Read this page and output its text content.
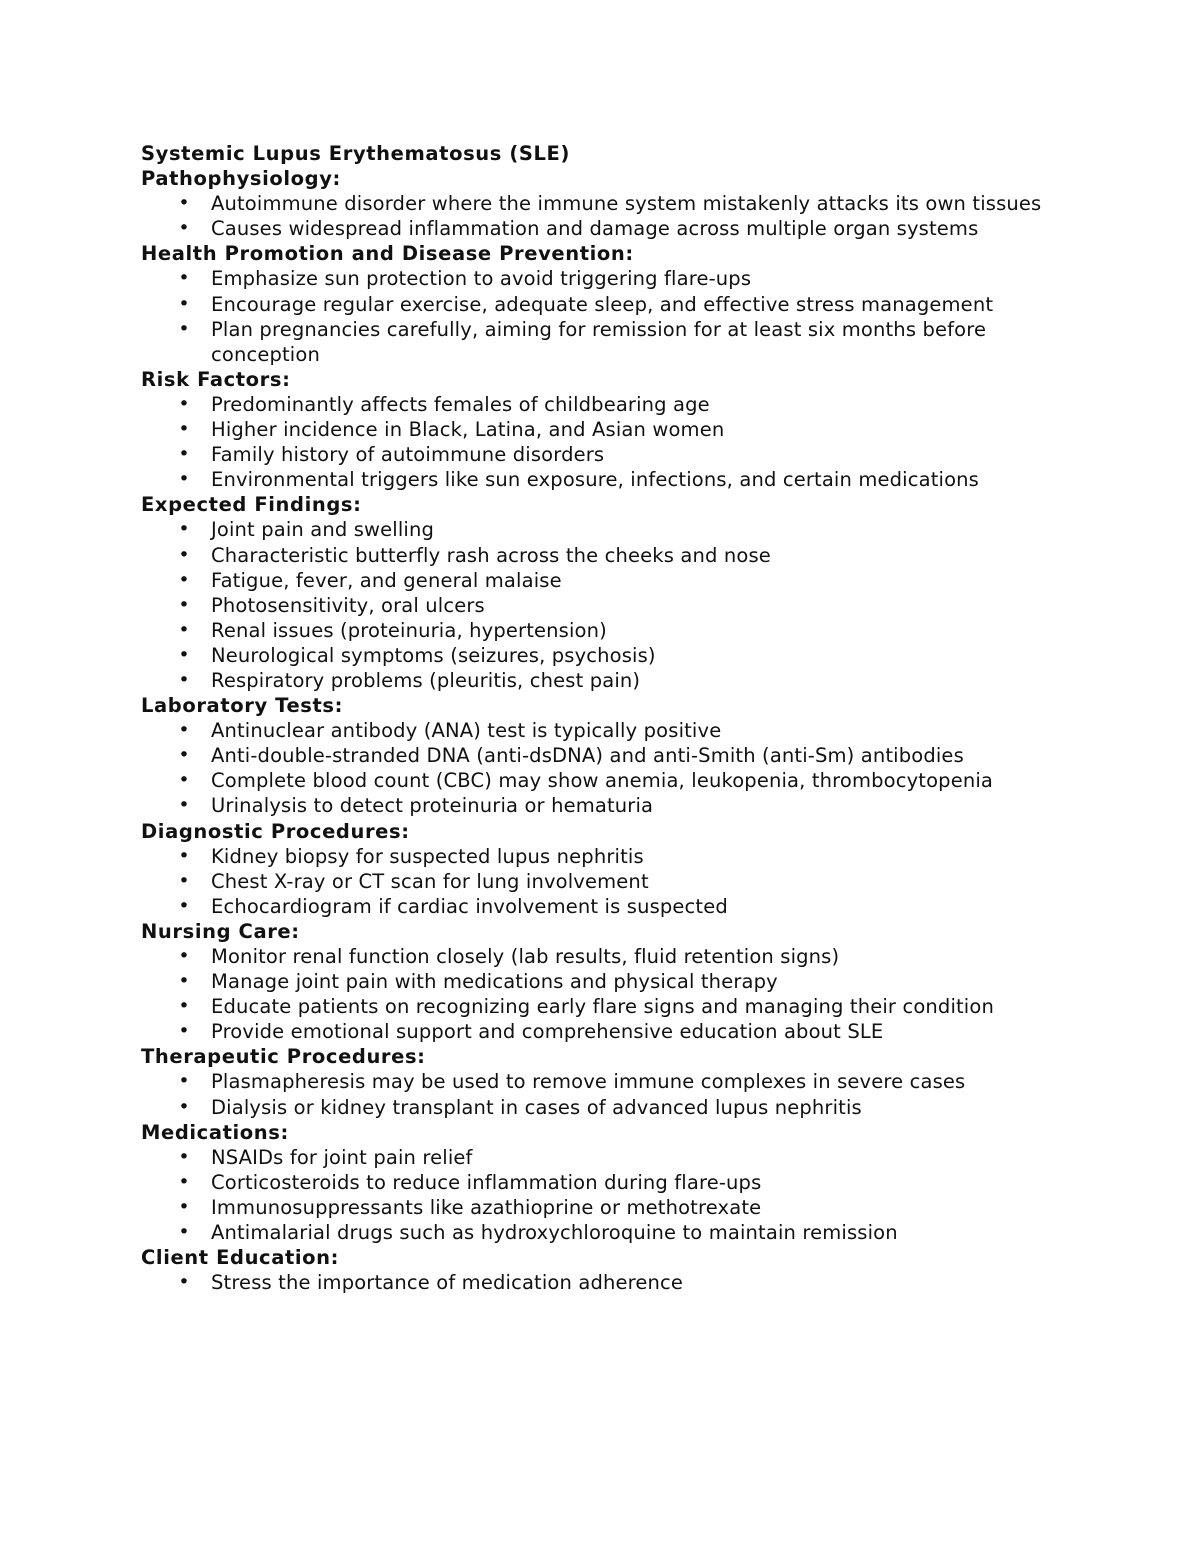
Systemic Lupus Erythematosus (SLE)
Pathophysiology:
• Autoimmune disorder where the immune system mistakenly attacks its own tissues
• Causes widespread inflammation and damage across multiple organ systems
Health Promotion and Disease Prevention:
• Emphasize sun protection to avoid triggering flare-ups
• Encourage regular exercise, adequate sleep, and effective stress management
• Plan pregnancies carefully, aiming for remission for at least six months before conception
Risk Factors:
• Predominantly affects females of childbearing age
• Higher incidence in Black, Latina, and Asian women
• Family history of autoimmune disorders
• Environmental triggers like sun exposure, infections, and certain medications
Expected Findings:
• Joint pain and swelling
• Characteristic butterfly rash across the cheeks and nose
• Fatigue, fever, and general malaise
• Photosensitivity, oral ulcers
• Renal issues (proteinuria, hypertension)
• Neurological symptoms (seizures, psychosis)
• Respiratory problems (pleuritis, chest pain)
Laboratory Tests:
• Antinuclear antibody (ANA) test is typically positive
• Anti-double-stranded DNA (anti-dsDNA) and anti-Smith (anti-Sm) antibodies
• Complete blood count (CBC) may show anemia, leukopenia, thrombocytopenia
• Urinalysis to detect proteinuria or hematuria
Diagnostic Procedures:
• Kidney biopsy for suspected lupus nephritis
• Chest X-ray or CT scan for lung involvement
• Echocardiogram if cardiac involvement is suspected
Nursing Care:
• Monitor renal function closely (lab results, fluid retention signs)
• Manage joint pain with medications and physical therapy
• Educate patients on recognizing early flare signs and managing their condition
• Provide emotional support and comprehensive education about SLE
Therapeutic Procedures:
• Plasmapheresis may be used to remove immune complexes in severe cases
• Dialysis or kidney transplant in cases of advanced lupus nephritis
Medications:
• NSAIDs for joint pain relief
• Corticosteroids to reduce inflammation during flare-ups
• Immunosuppressants like azathioprine or methotrexate
• Antimalarial drugs such as hydroxychloroquine to maintain remission
Client Education:
• Stress the importance of medication adherence
